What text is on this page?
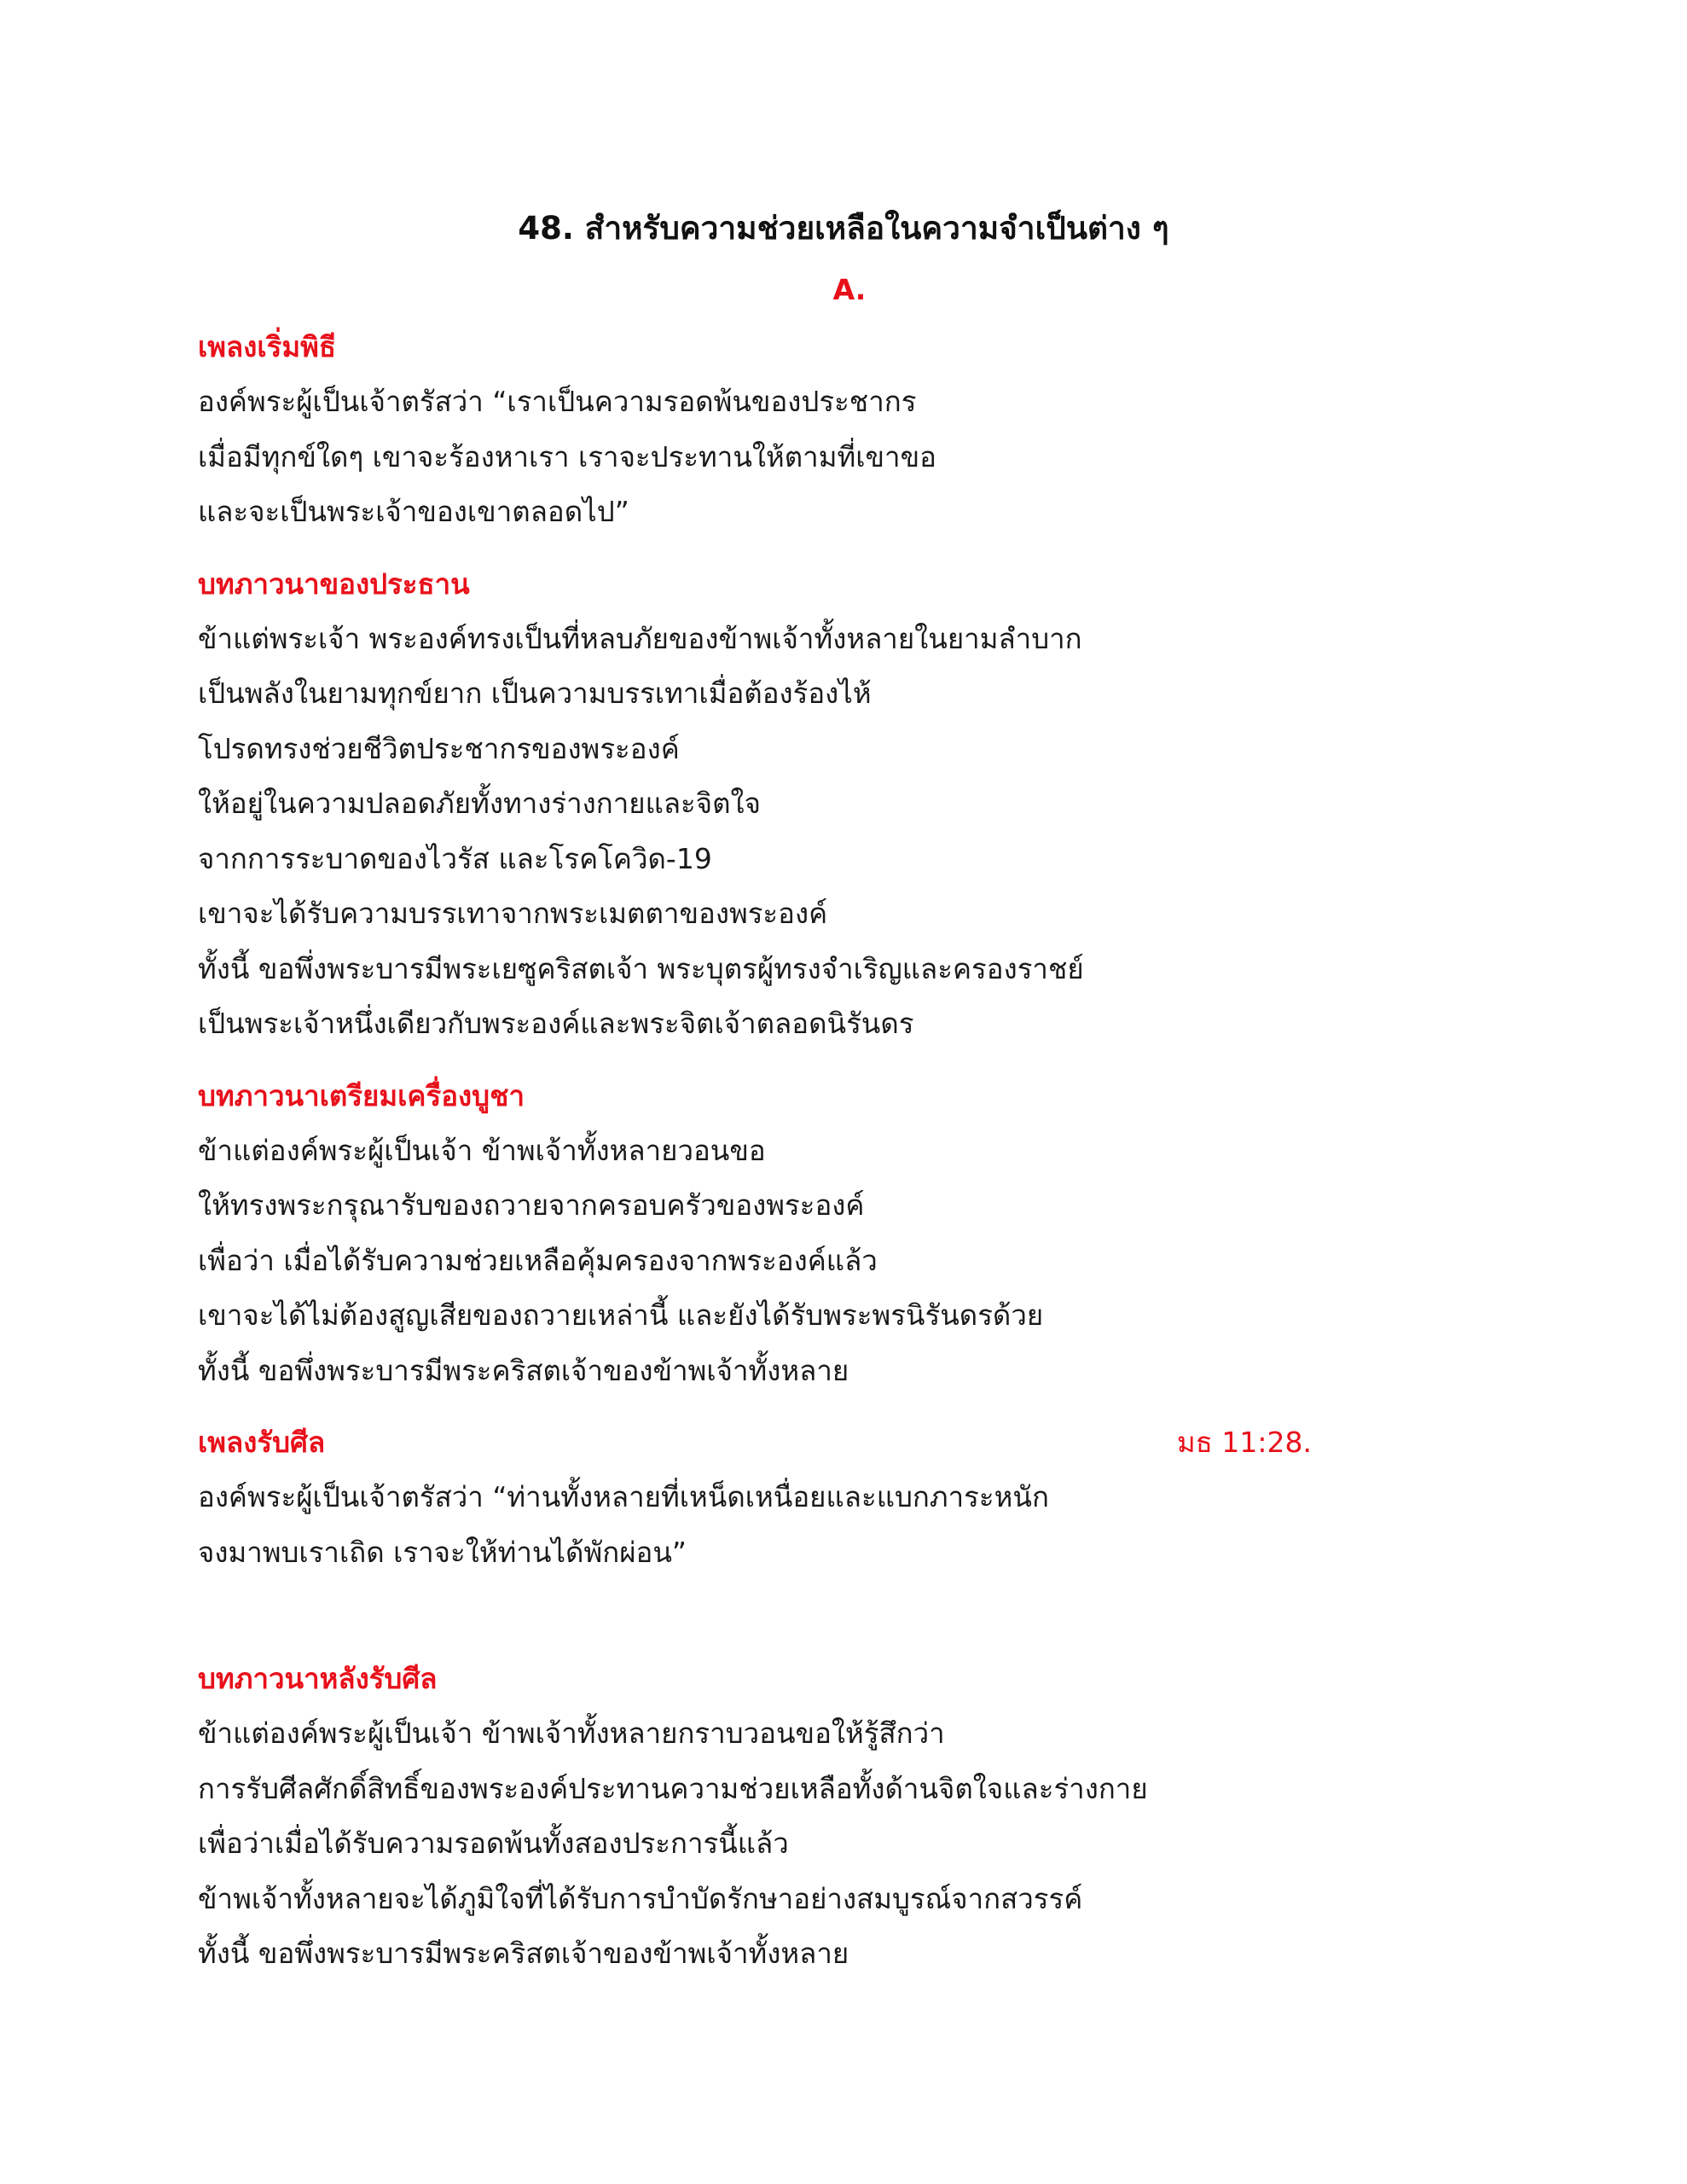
48. สำหรับความช่วยเหลือในความจำเป็นต่าง ๆ
A.
เพลงเริ่มพิธี
องค์พระผู้เป็นเจ้าตรัสว่า “เราเป็นความรอดพ้นของประชากร
เมื่อมีทุกข์ใดๆ เขาจะร้องหาเรา เราจะประทานให้ตามที่เขาขอ
และจะเป็นพระเจ้าของเขาตลอดไป”
บทภาวนาของประธาน
ข้าแต่พระเจ้า พระองค์ทรงเป็นที่หลบภัยของข้าพเจ้าทั้งหลายในยามลำบาก
เป็นพลังในยามทุกข์ยาก เป็นความบรรเทาเมื่อต้องร้องไห้
โปรดทรงช่วยชีวิตประชากรของพระองค์
ให้อยู่ในความปลอดภัยทั้งทางร่างกายและจิตใจ
จากการระบาดของไวรัส และโรคโควิด-19
เขาจะได้รับความบรรเทาจากพระเมตตาของพระองค์
ทั้งนี้ ขอพึ่งพระบารมีพระเยซูคริสตเจ้า พระบุตรผู้ทรงจำเริญและครองราชย์
เป็นพระเจ้าหนึ่งเดียวกับพระองค์และพระจิตเจ้าตลอดนิรันดร
บทภาวนาเตรียมเครื่องบูชา
ข้าแต่องค์พระผู้เป็นเจ้า ข้าพเจ้าทั้งหลายวอนขอ
ให้ทรงพระกรุณารับของถวายจากครอบครัวของพระองค์
เพื่อว่า เมื่อได้รับความช่วยเหลือคุ้มครองจากพระองค์แล้ว
เขาจะได้ไม่ต้องสูญเสียของถวายเหล่านี้ และยังได้รับพระพรนิรันดรด้วย
ทั้งนี้ ขอพึ่งพระบารมีพระคริสตเจ้าของข้าพเจ้าทั้งหลาย
เพลงรับศีล	มธ 11:28.
องค์พระผู้เป็นเจ้าตรัสว่า “ท่านทั้งหลายที่เหน็ดเหนื่อยและแบกภาระหนัก
จงมาพบเราเถิด เราจะให้ท่านได้พักผ่อน”
บทภาวนาหลังรับศีล
ข้าแต่องค์พระผู้เป็นเจ้า ข้าพเจ้าทั้งหลายกราบวอนขอให้รู้สึกว่า
การรับศีลศักดิ์สิทธิ์ของพระองค์ประทานความช่วยเหลือทั้งด้านจิตใจและร่างกาย
เพื่อว่าเมื่อได้รับความรอดพ้นทั้งสองประการนี้แล้ว
ข้าพเจ้าทั้งหลายจะได้ภูมิใจที่ได้รับการบำบัดรักษาอย่างสมบูรณ์จากสวรรค์
ทั้งนี้ ขอพึ่งพระบารมีพระคริสตเจ้าของข้าพเจ้าทั้งหลาย
